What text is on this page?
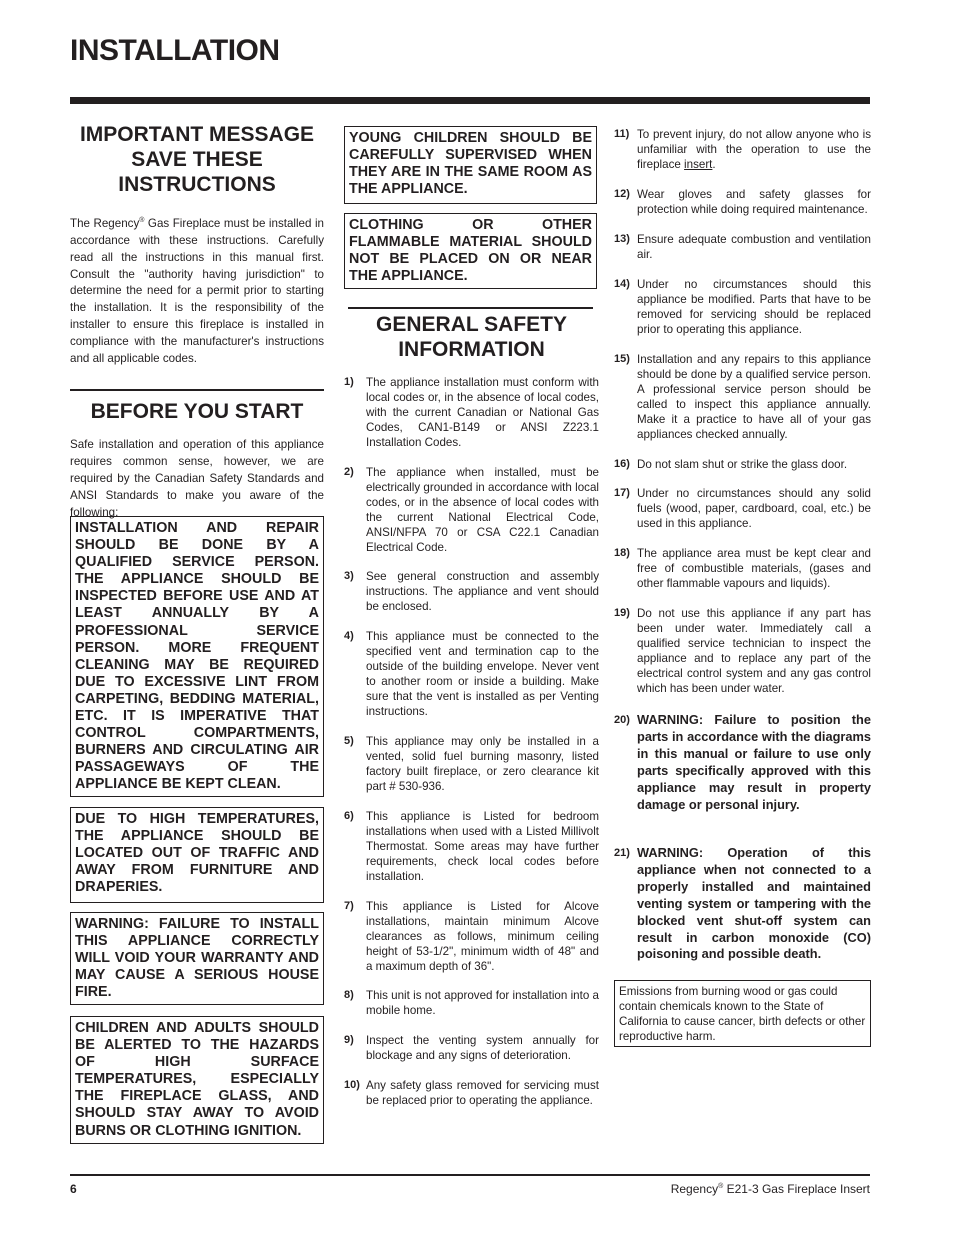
INSTALLATION
IMPORTANT MESSAGE SAVE THESE INSTRUCTIONS

The Regency® Gas Fireplace must be installed in accordance with these instructions. Carefully read all the instructions in this manual first. Consult the "authority having jurisdiction" to determine the need for a permit prior to starting the installation. It is the responsibility of the installer to ensure this fireplace is installed in compliance with the manufacturer's instructions and all applicable codes.

BEFORE YOU START

Safe installation and operation of this appliance requires common sense, however, we are required by the Canadian Safety Standards and ANSI Standards to make you aware of the following:

INSTALLATION AND REPAIR SHOULD BE DONE BY A QUALIFIED SERVICE PERSON. THE APPLIANCE SHOULD BE INSPECTED BEFORE USE AND AT LEAST ANNUALLY BY A PROFESSIONAL SERVICE PERSON. MORE FREQUENT CLEANING MAY BE REQUIRED DUE TO EXCESSIVE LINT FROM CARPETING, BEDDING MATERIAL, ETC. IT IS IMPERATIVE THAT CONTROL COMPARTMENTS, BURNERS AND CIRCULATING AIR PASSAGEWAYS OF THE APPLIANCE BE KEPT CLEAN.
DUE TO HIGH TEMPERATURES, THE APPLIANCE SHOULD BE LOCATED OUT OF TRAFFIC AND AWAY FROM FURNITURE AND DRAPERIES.
WARNING: FAILURE TO INSTALL THIS APPLIANCE CORRECTLY WILL VOID YOUR WARRANTY AND MAY CAUSE A SERIOUS HOUSE FIRE.
CHILDREN AND ADULTS SHOULD BE ALERTED TO THE HAZARDS OF HIGH SURFACE TEMPERATURES, ESPECIALLY THE FIREPLACE GLASS, AND SHOULD STAY AWAY TO AVOID BURNS OR CLOTHING IGNITION.
YOUNG CHILDREN SHOULD BE CAREFULLY SUPERVISED WHEN THEY ARE IN THE SAME ROOM AS THE APPLIANCE.
CLOTHING OR OTHER FLAMMABLE MATERIAL SHOULD NOT BE PLACED ON OR NEAR THE APPLIANCE.
GENERAL SAFETY INFORMATION
1) The appliance installation must conform with local codes or, in the absence of local codes, with the current Canadian or National Gas Codes, CAN1-B149 or ANSI Z223.1 Installation Codes.
2) The appliance when installed, must be electrically grounded in accordance with local codes, or in the absence of local codes with the current National Electrical Code, ANSI/NFPA 70 or CSA C22.1 Canadian Electrical Code.
3) See general construction and assembly instructions. The appliance and vent should be enclosed.
4) This appliance must be connected to the specified vent and termination cap to the outside of the building envelope. Never vent to another room or inside a building. Make sure that the vent is installed as per Venting instructions.
5) This appliance may only be installed in a vented, solid fuel burning masonry, listed factory built fireplace, or zero clearance kit part # 530-936.
6) This appliance is Listed for bedroom installations when used with a Listed Millivolt Thermostat. Some areas may have further requirements, check local codes before installation.
7) This appliance is Listed for Alcove installations, maintain minimum Alcove clearances as follows, minimum ceiling height of 53-1/2", minimum width of 48" and a maximum depth of 36".
8) This unit is not approved for installation into a mobile home.
9) Inspect the venting system annually for blockage and any signs of deterioration.
10) Any safety glass removed for servicing must be replaced prior to operating the appliance.
11) To prevent injury, do not allow anyone who is unfamiliar with the operation to use the fireplace insert.
12) Wear gloves and safety glasses for protection while doing required maintenance.
13) Ensure adequate combustion and ventilation air.
14) Under no circumstances should this appliance be modified. Parts that have to be removed for servicing should be replaced prior to operating this appliance.
15) Installation and any repairs to this appliance should be done by a qualified service person. A professional service person should be called to inspect this appliance annually. Make it a practice to have all of your gas appliances checked annually.
16) Do not slam shut or strike the glass door.
17) Under no circumstances should any solid fuels (wood, paper, cardboard, coal, etc.) be used in this appliance.
18) The appliance area must be kept clear and free of combustible materials, (gases and other flammable vapours and liquids).
19) Do not use this appliance if any part has been under water. Immediately call a qualified service technician to inspect the appliance and to replace any part of the electrical control system and any gas control which has been under water.
20) WARNING: Failure to position the parts in accordance with the diagrams in this manual or failure to use only parts specifically approved with this appliance may result in property damage or personal injury.
21) WARNING: Operation of this appliance when not connected to a properly installed and maintained venting system or tampering with the blocked vent shut-off system can result in carbon monoxide (CO) poisoning and possible death.
Emissions from burning wood or gas could contain chemicals known to the State of California to cause cancer, birth defects or other reproductive harm.
6	Regency® E21-3 Gas Fireplace Insert
